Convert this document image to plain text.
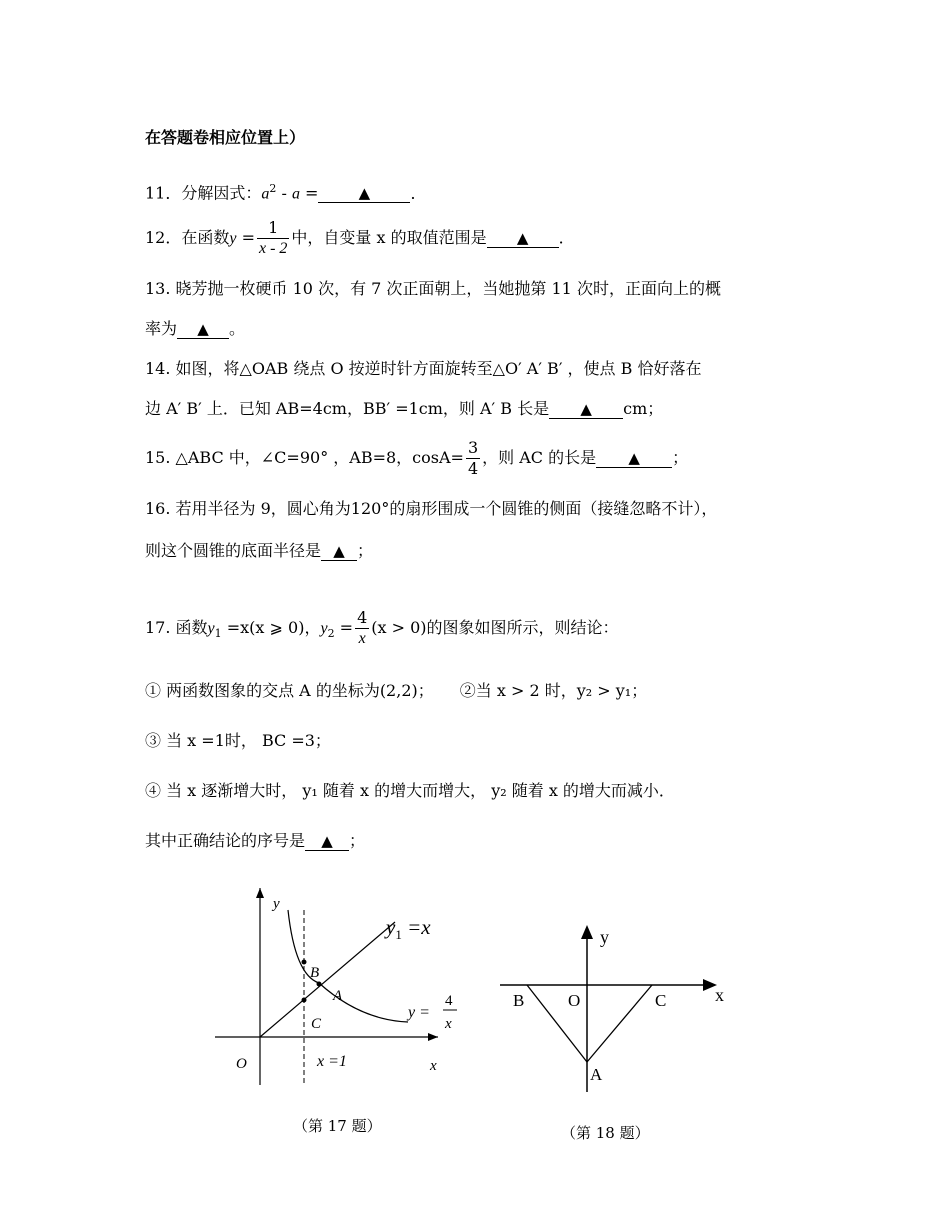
在答题卷相应位置上）
11．分解因式：$a^2$ - a =	▲	．
12．在函数$y = \frac{1}{x - 2}$ 中，自变量 x 的取值范围是 ▲ ．
13. 晓芳抛一枚硬币 10 次，有 7 次正面朝上，当她抛第 11 次时，正面向上的概
率为 ▲ 。
14. 如图，将△OAB 绕点 O 按逆时针方面旋转至△O′ A′ B′ ，使点 B 恰好落在
边 A′ B′ 上．已知 AB=4cm，BB′ =1cm，则 A′ B 长是 ▲ cm；
15. △ABC 中，∠C=90° ，AB=8，$\cos A= \frac{3}{4}$ ，则 AC 的长是 ▲ ；
16. 若用半径为 9，圆心角为120°的扇形围成一个圆锥的侧面（接缝忽略不计），
则这个圆锥的底面半径是 ▲ ；
17. 函数$y_1 =x(x$ ⩾ 0)，$y_2 = \frac{4}{x} (x > 0)$的图象如图所示，则结论：
① 两函数图象的交点 A 的坐标为(2,2)； ②当 x > 2 时，y₂ > y₁；
③ 当 x =1时， BC =3；
④ 当 x 逐渐增大时， y₁ 随着 x 的增大而增大， y₂ 随着 x 的增大而减小．
其中正确结论的序号是 ▲ ；
y
x
O
$y_1 =x$
y =
4
x
B
A
C
x =1
（第 17 题）
y
x
B	O	C
A
（第 18 题）
